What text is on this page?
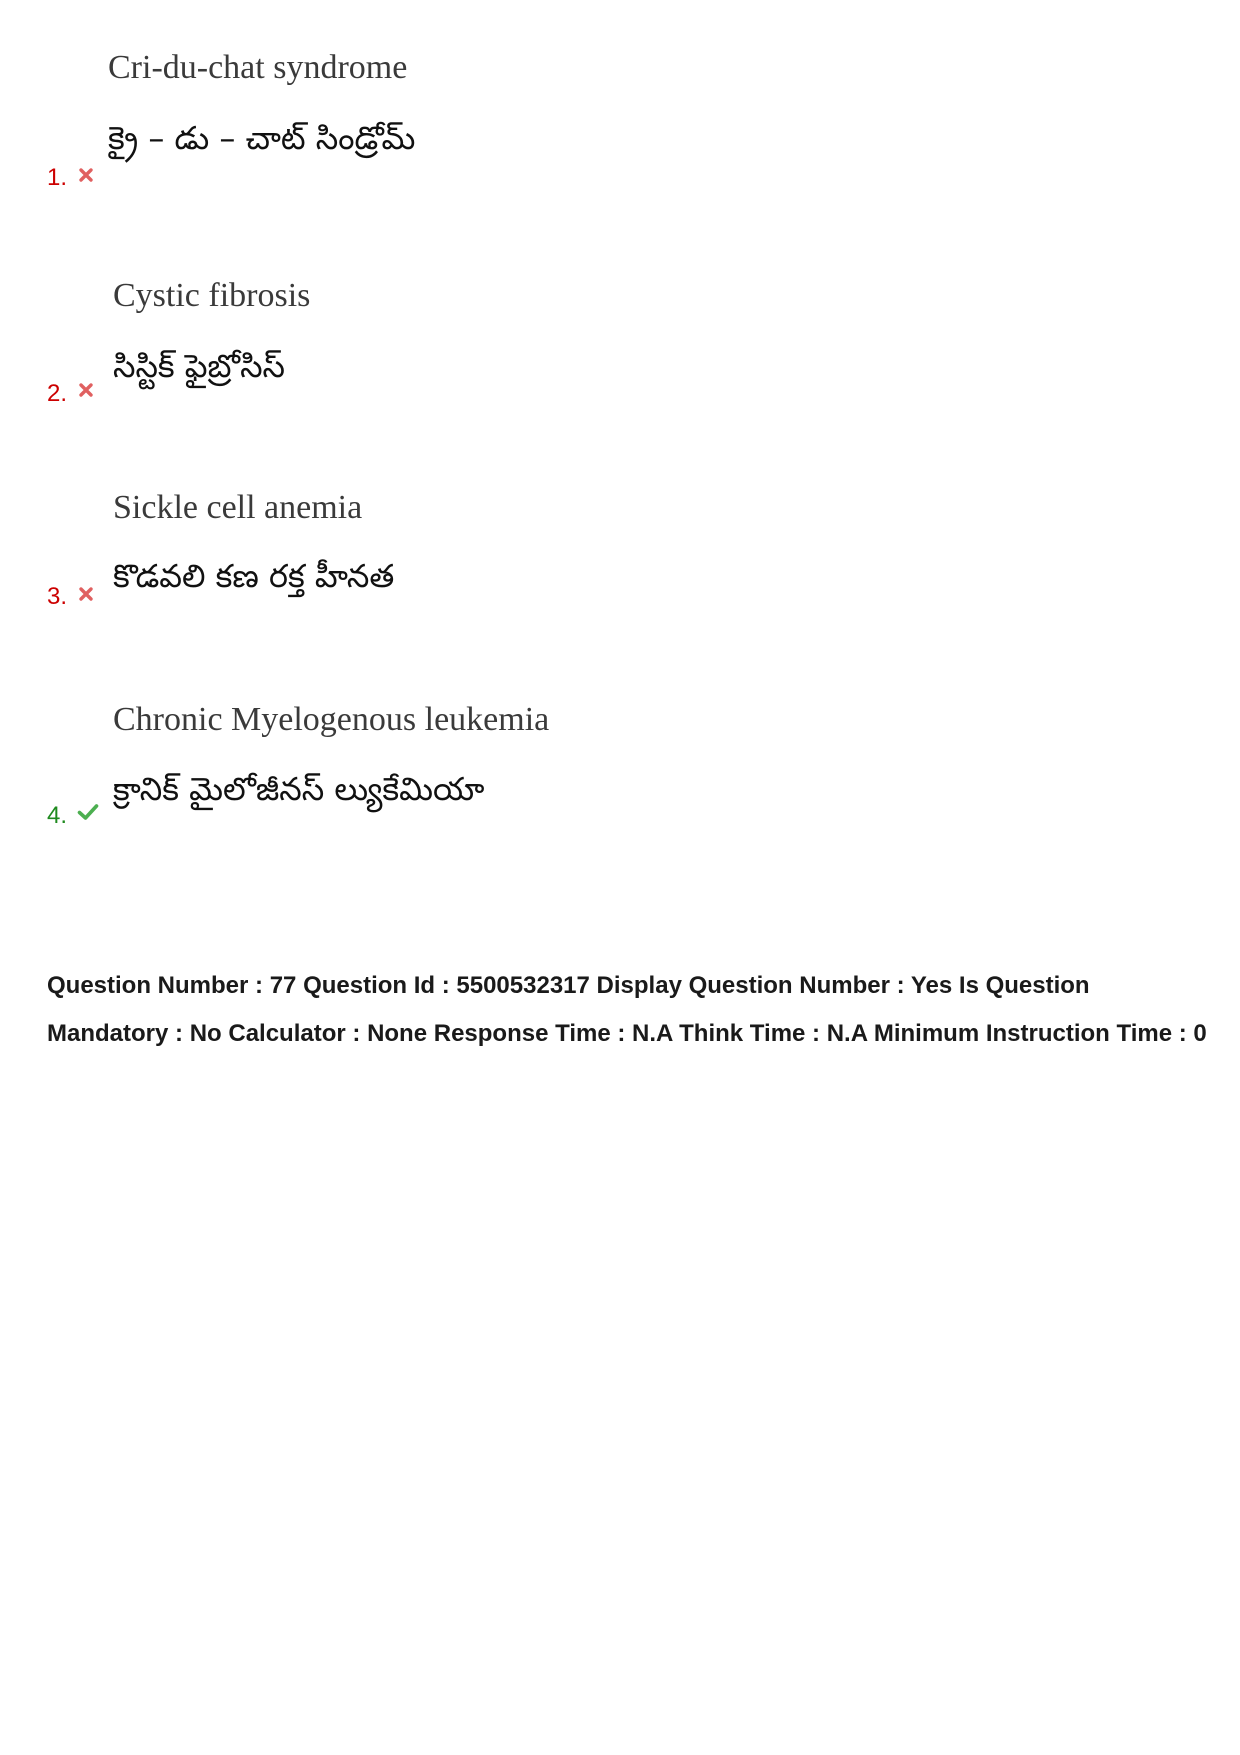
Cri-du-chat syndrome
క్రై – డు – చాట్ సిండ్రోమ్
1.
Cystic fibrosis
సిస్టిక్ ఫైబ్రోసిస్
2.
Sickle cell anemia
కొడవలి కణ రక్త హీనత
3.
Chronic Myelogenous leukemia
క్రానిక్ మైలోజీనస్ ల్యుకేమియా
4.

Question Number : 77 Question Id : 5500532317 Display Question Number : Yes Is Question Mandatory : No Calculator : None Response Time : N.A Think Time : N.A Minimum Instruction Time : 0
